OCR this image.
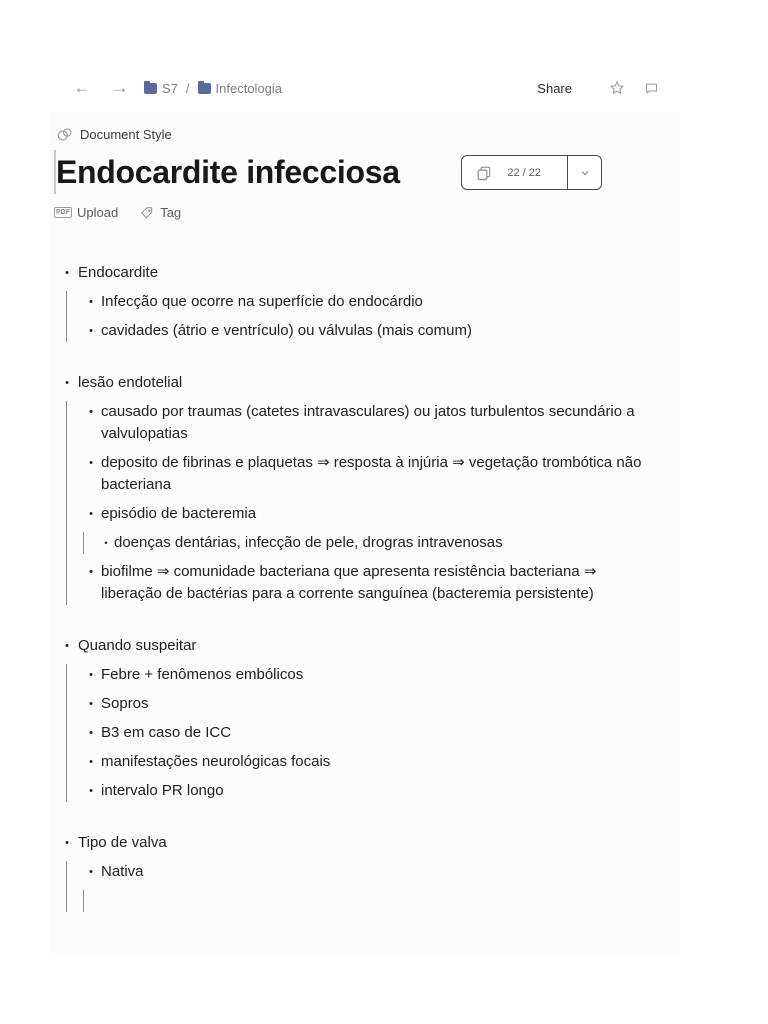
←	→	S7 / Infectologia	Share
Document Style
Endocardite infecciosa	22 / 22
PDF Upload	Tag
• Endocardite
• Infecção que ocorre na superfície do endocárdio
• cavidades (átrio e ventrículo) ou válvulas (mais comum)
• lesão endotelial
• causado por traumas (catetes intravasculares) ou jatos turbulentos secundário a valvulopatias
• deposito de fibrinas e plaquetas ⇒ resposta à injúria ⇒ vegetação trombótica não bacteriana
• episódio de bacteremia
• doenças dentárias, infecção de pele, drogras intravenosas
• biofilme ⇒ comunidade bacteriana que apresenta resistência bacteriana ⇒ liberação de bactérias para a corrente sanguínea (bacteremia persistente)
• Quando suspeitar
• Febre + fenômenos embólicos
• Sopros
• B3 em caso de ICC
• manifestações neurológicas focais
• intervalo PR longo
• Tipo de valva
• Nativa
